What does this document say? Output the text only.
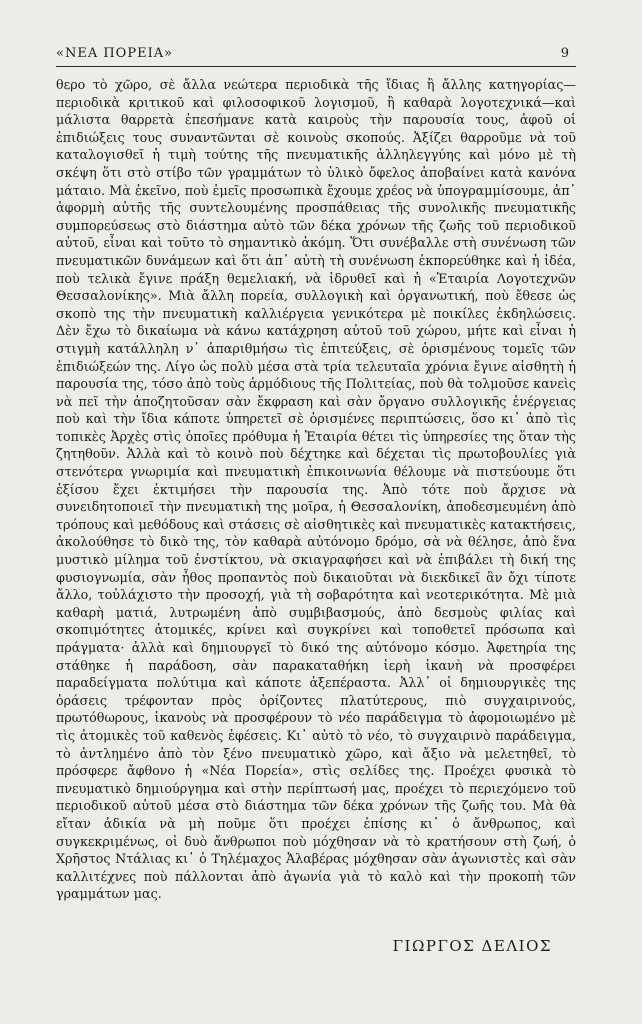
«ΝΕΑ ΠΟΡΕΙΑ»	9

θερο τὸ χῶρο, σὲ ἄλλα νεώτερα περιοδικὰ τῆς ἴδιας ἢ ἄλλης κατηγορίας— περιοδικὰ κριτικοῦ καὶ φιλοσοφικοῦ λογισμοῦ, ἢ καθαρὰ λογοτεχνικά—καὶ μάλιστα θαρρετὰ ἐπεσήμανε κατὰ καιροὺς τὴν παρουσία τους, ἀφοῦ οἱ ἐπιδιώξεις τους συναντῶνται σὲ κοινοὺς σκοπούς. Ἀξίζει θαρροῦμε νὰ τοῦ καταλογισθεῖ ἡ τιμὴ τούτης τῆς πνευματικῆς ἀλληλεγγύης καὶ μόνο μὲ τὴ σκέψη ὅτι στὸ στίβο τῶν γραμμάτων τὸ ὑλικὸ ὄφελος ἀποβαίνει κατὰ κανόνα μάταιο. Μὰ ἐκεῖνο, ποὺ ἐμεῖς προσωπικὰ ἔχουμε χρέος νὰ ὑπογραμμίσουμε, ἀπ᾿ ἀφορμὴ αὐτῆς τῆς συντελουμένης προσπάθειας τῆς συνολικῆς πνευματικῆς συμπορεύσεως στὸ διάστημα αὐτὸ τῶν δέκα χρόνων τῆς ζωῆς τοῦ περιοδικοῦ αὐτοῦ, εἶναι καὶ τοῦτο τὸ σημαντικὸ ἀκόμη. Ὅτι συνέβαλλε στὴ συνένωση τῶν πνευματικῶν δυνάμεων καὶ ὅτι ἀπ᾿ αὐτὴ τὴ συνένωση ἐκπορεύθηκε καὶ ἡ ἰδέα, ποὺ τελικὰ ἔγινε πράξη θεμελιακή, νὰ ἱδρυθεῖ καὶ ἡ «Ἑταιρία Λογοτεχνῶν Θεσσαλονίκης». Μιὰ ἄλλη πορεία, συλλογικὴ καὶ ὀργανωτική, ποὺ ἔθεσε ὡς σκοπὸ της τὴν πνευματικὴ καλλιέργεια γενικότερα μὲ ποικίλες ἐκδηλώσεις. Δὲν ἔχω τὸ δικαίωμα νὰ κάνω κατάχρηση αὐτοῦ τοῦ χώρου, μήτε καὶ εἶναι ἡ στιγμὴ κατάλληλη ν᾿ ἀπαριθμήσω τὶς ἐπιτεύξεις, σὲ ὁρισμένους τομεῖς τῶν ἐπιδιώξεών της. Λίγο ὡς πολὺ μέσα στὰ τρία τελευταῖα χρόνια ἔγινε αἰσθητὴ ἡ παρουσία της, τόσο ἀπὸ τοὺς ἁρμόδιους τῆς Πολιτείας, ποὺ θὰ τολμοῦσε κανεὶς νὰ πεῖ τὴν ἀποζητοῦσαν σὰν ἔκφραση καὶ σὰν ὄργανο συλλογικῆς ἐνέργειας ποὺ καὶ τὴν ἴδια κάποτε ὑπηρετεῖ σὲ ὁρισμένες περιπτώσεις, ὅσο κι᾿ ἀπὸ τὶς τοπικὲς Ἀρχὲς στὶς ὁποῖες πρόθυμα ἡ Ἑταιρία θέτει τὶς ὑπηρεσίες της ὅταν τὴς ζητηθοῦν. Ἀλλὰ καὶ τὸ κοινὸ ποὺ δέχτηκε καὶ δέχεται τὶς πρωτοβουλίες γιὰ στενότερα γνωριμία καὶ πνευματικὴ ἐπικοινωνία θέλουμε νὰ πιστεύουμε ὅτι ἐξίσου ἔχει ἐκτιμήσει τὴν παρουσία της. Ἀπὸ τότε ποὺ ἄρχισε νὰ συνειδητοποιεῖ τὴν πνευματικὴ της μοῖρα, ἡ Θεσσαλονίκη, ἀποδεσμευμένη ἀπὸ τρόπους καὶ μεθόδους καὶ στάσεις σὲ αἰσθητικὲς καὶ πνευματικὲς κατακτήσεις, ἀκολούθησε τὸ δικὸ της, τὸν καθαρὰ αὐτόνομο δρόμο, σὰ νὰ θέλησε, ἀπὸ ἕνα μυστικὸ μίλημα τοῦ ἐνστίκτου, νὰ σκιαγραφήσει καὶ νὰ ἐπιβάλει τὴ δική της φυσιογνωμία, σὰν ἦθος προπαντὸς ποὺ δικαιοῦται νὰ διεκδικεῖ ἂν ὄχι τίποτε ἄλλο, τοὐλάχιστο τὴν προσοχή, γιὰ τὴ σοβαρότητα καὶ νεοτερικότητα. Μὲ μιὰ καθαρὴ ματιά, λυτρωμένη ἀπὸ συμβιβασμούς, ἀπὸ δεσμοὺς φιλίας καὶ σκοπιμότητες ἀτομικές, κρίνει καὶ συγκρίνει καὶ τοποθετεῖ πρόσωπα καὶ πράγματα· ἀλλὰ καὶ δημιουργεῖ τὸ δικό της αὐτόνομο κόσμο. Ἀφετηρία της στάθηκε ἡ παράδοση, σὰν παρακαταθήκη ἱερὴ ἱκανὴ νὰ προσφέρει παραδείγματα πολύτιμα καὶ κάποτε ἀξεπέραστα. Ἀλλ᾿ οἱ δημιουργικὲς της ὁράσεις τρέφονταν πρὸς ὁρίζοντες πλατύτερους, πιὸ συγχαιρινούς, πρωτόθωρους, ἱκανοὺς νὰ προσφέρουν τὸ νέο παράδειγμα τὸ ἀφομοιωμένο μὲ τὶς ἀτομικὲς τοῦ καθενὸς ἐφέσεις. Κι᾿ αὐτὸ τὸ νέο, τὸ συγχαιρινὸ παράδειγμα, τὸ ἀντλημένο ἀπὸ τὸν ξένο πνευματικὸ χῶρο, καὶ ἄξιο νὰ μελετηθεῖ, τὸ πρόσφερε ἄφθονο ἡ «Νέα Πορεία», στὶς σελίδες της. Προέχει φυσικὰ τὸ πνευματικὸ δημιούργημα καὶ στὴν περίπτωσή μας, προέχει τὸ περιεχόμενο τοῦ περιοδικοῦ αὐτοῦ μέσα στὸ διάστημα τῶν δέκα χρόνων τῆς ζωῆς του. Μὰ θὰ εἴταν ἀδικία νὰ μὴ ποῦμε ὅτι προέχει ἐπίσης κι᾿ ὁ ἄνθρωπος, καὶ συγκεκριμένως, οἱ δυὸ ἄνθρωποι ποὺ μόχθησαν νὰ τὸ κρατήσουν στὴ ζωή, ὁ Χρῆστος Ντάλιας κι᾿ ὁ Τηλέμαχος Ἀλαβέρας μόχθησαν σὰν ἀγωνιστὲς καὶ σὰν καλλιτέχνες ποὺ πάλλονται ἀπὸ ἀγωνία γιὰ τὸ καλὸ καὶ τὴν προκοπὴ τῶν γραμμάτων μας.

ΓΙΩΡΓΟΣ ΔΕΛΙΟΣ
